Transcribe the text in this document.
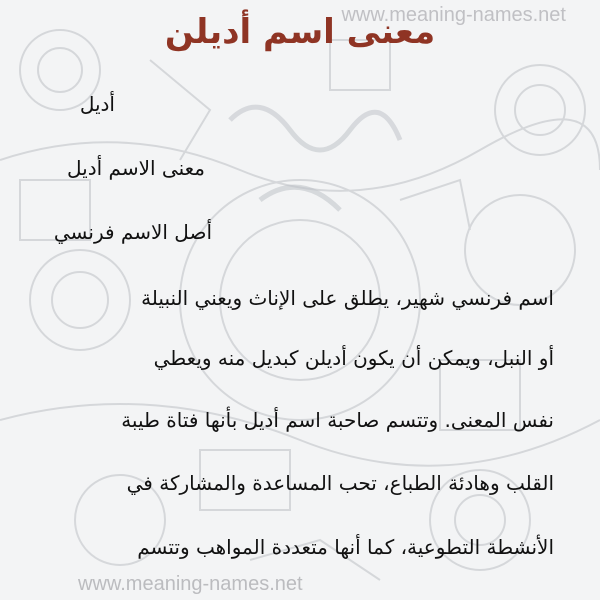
www.meaning-names.net
معنى اسم أديلن
أديل
معنى الاسم أديل
أصل الاسم فرنسي
اسم فرنسي شهير، يطلق على الإناث ويعني النبيلة
أو النبل، ويمكن أن يكون أديلن كبديل منه ويعطي
نفس المعنى. وتتسم صاحبة اسم أديل بأنها فتاة طيبة
القلب وهادئة الطباع، تحب المساعدة والمشاركة في
الأنشطة التطوعية، كما أنها متعددة المواهب وتتسم
www.meaning-names.net
